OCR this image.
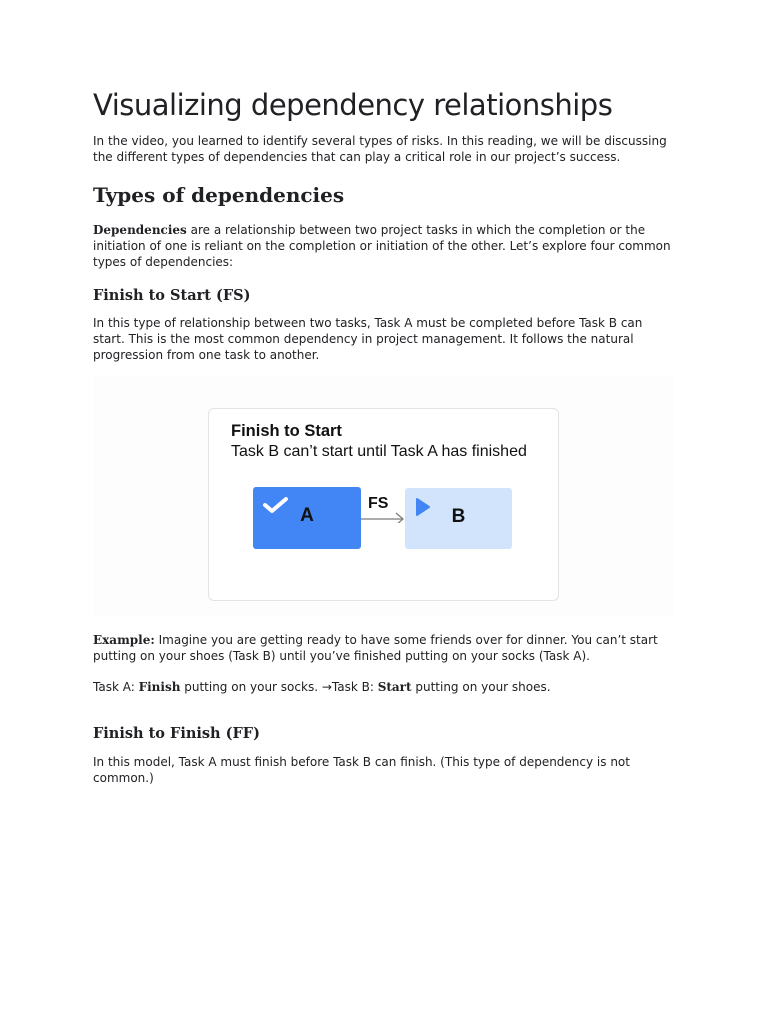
Visualizing dependency relationships

In the video, you learned to identify several types of risks. In this reading, we will be discussing the different types of dependencies that can play a critical role in our project’s success.

Types of dependencies

Dependencies are a relationship between two project tasks in which the completion or the initiation of one is reliant on the completion or initiation of the other. Let’s explore four common types of dependencies:

Finish to Start (FS)

In this type of relationship between two tasks, Task A must be completed before Task B can start. This is the most common dependency in project management. It follows the natural progression from one task to another.

Finish to Start
Task B can’t start until Task A has finished
A
FS
B

Example: Imagine you are getting ready to have some friends over for dinner. You can’t start putting on your shoes (Task B) until you’ve finished putting on your socks (Task A).

Task A: Finish putting on your socks. →Task B: Start putting on your shoes.

Finish to Finish (FF)

In this model, Task A must finish before Task B can finish. (This type of dependency is not common.)
